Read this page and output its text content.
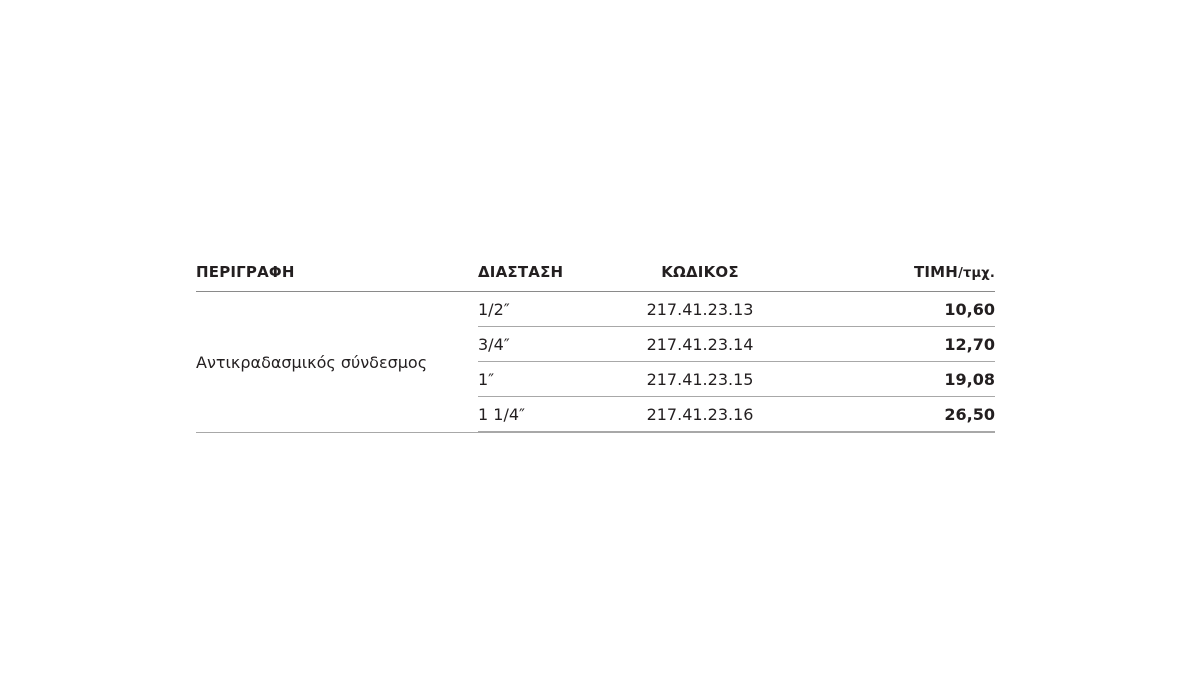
ΠΕΡΙΓΡΑΦΗ	ΔΙΑΣΤΑΣΗ	ΚΩΔΙΚΟΣ	ΤΙΜΗ/τμχ.
Αντικραδασμικός σύνδεσμος
1/2″	217.41.23.13	10,60
3/4″	217.41.23.14	12,70
1″	217.41.23.15	19,08
1 1/4″	217.41.23.16	26,50
